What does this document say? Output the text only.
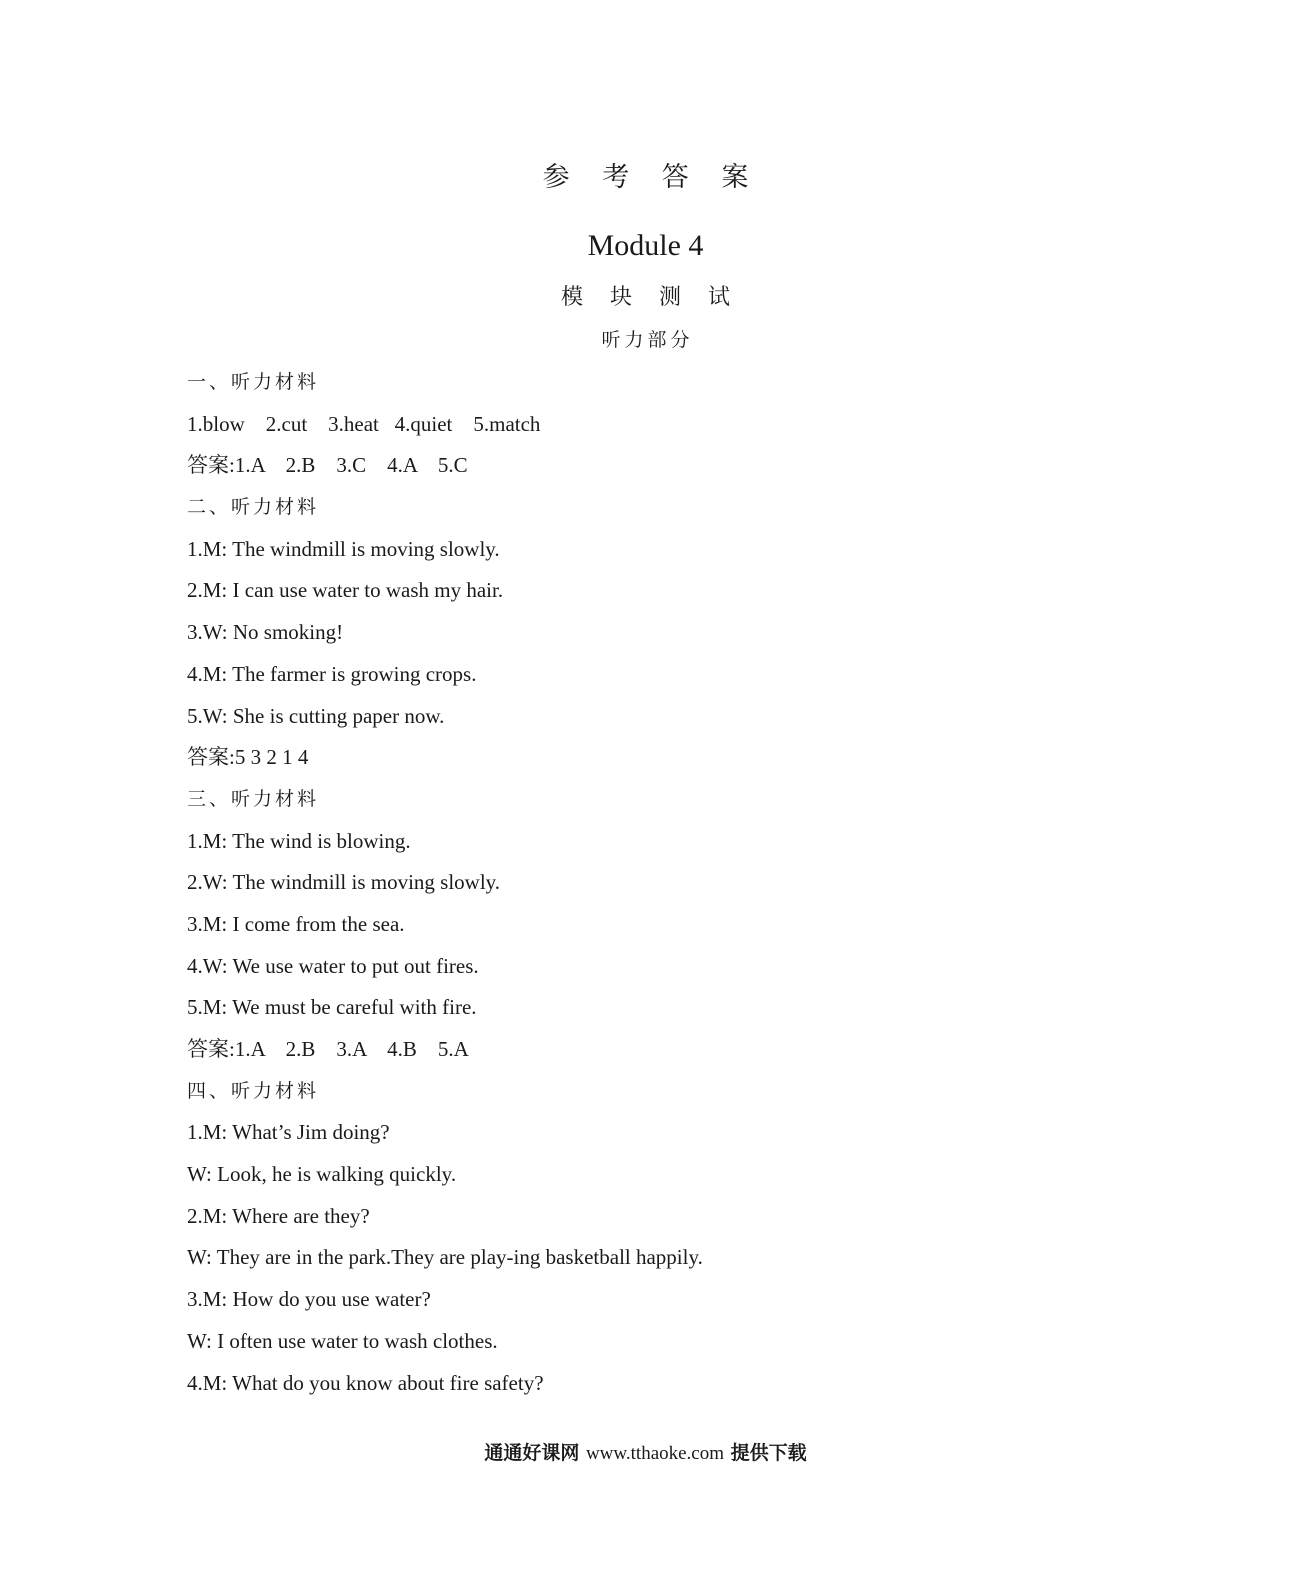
参 考 答 案
Module 4
模 块 测 试
听力部分
一、听力材料
1.blow    2.cut    3.heat   4.quiet    5.match
答案:1.A    2.B    3.C    4.A    5.C
二、听力材料
1.M: The windmill is moving slowly.
2.M: I can use water to wash my hair.
3.W: No smoking!
4.M: The farmer is growing crops.
5.W: She is cutting paper now.
答案:5 3 2 1 4
三、听力材料
1.M: The wind is blowing.
2.W: The windmill is moving slowly.
3.M: I come from the sea.
4.W: We use water to put out fires.
5.M: We must be careful with fire.
答案:1.A    2.B    3.A    4.B    5.A
四、听力材料
1.M: What’s Jim doing?
W: Look, he is walking quickly.
2.M: Where are they?
W: They are in the park.They are play-ing basketball happily.
3.M: How do you use water?
W: I often use water to wash clothes.
4.M: What do you know about fire safety?
通通好课网 www.tthaoke.com 提供下载
